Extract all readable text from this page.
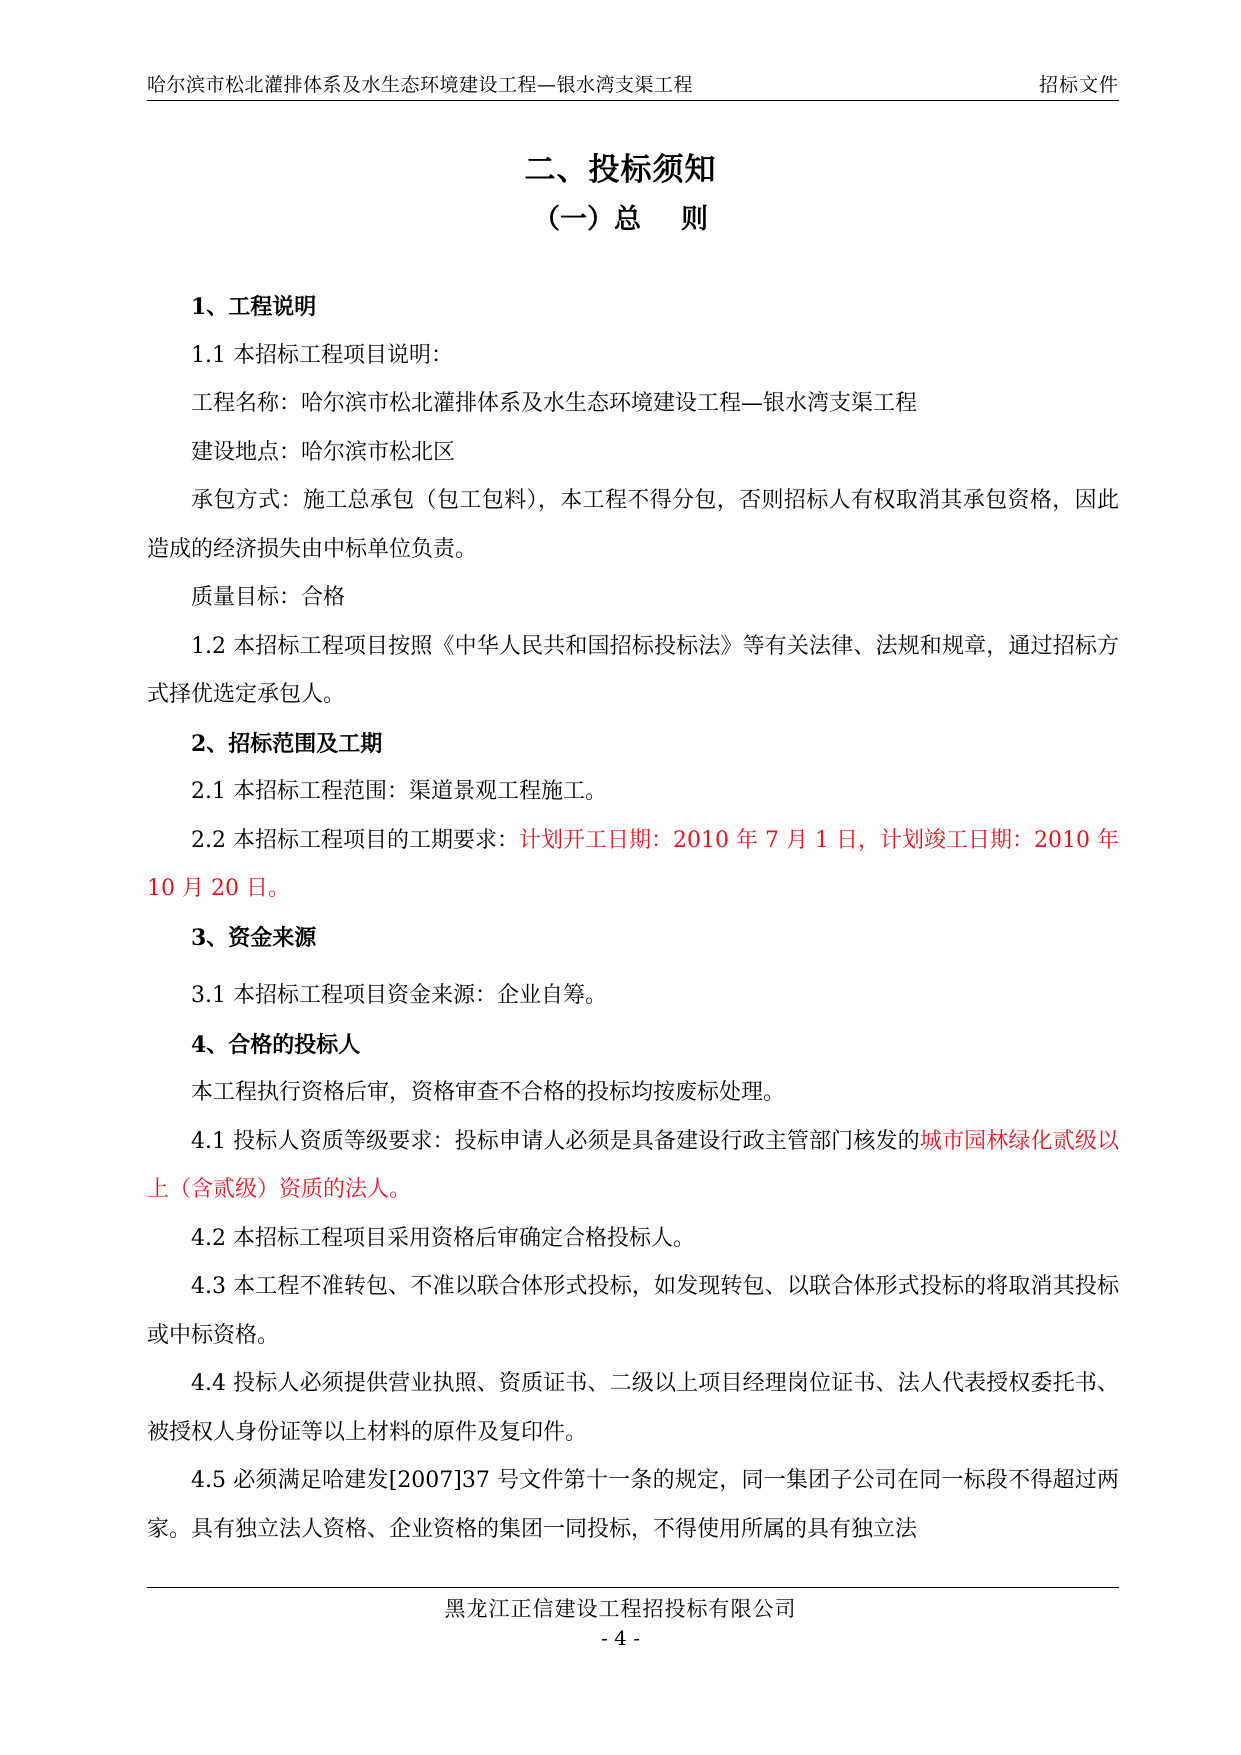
哈尔滨市松北灌排体系及水生态环境建设工程—银水湾支渠工程	招标文件
二、投标须知
（一）总 则

1、工程说明

1.1 本招标工程项目说明：

工程名称：哈尔滨市松北灌排体系及水生态环境建设工程—银水湾支渠工程

建设地点：哈尔滨市松北区

承包方式：施工总承包（包工包料），本工程不得分包，否则招标人有权取消其承包资格，因此造成的经济损失由中标单位负责。

质量目标：合格

1.2 本招标工程项目按照《中华人民共和国招标投标法》等有关法律、法规和规章，通过招标方式择优选定承包人。

2、招标范围及工期

2.1 本招标工程范围：渠道景观工程施工。

2.2 本招标工程项目的工期要求：计划开工日期：2010 年 7 月 1 日，计划竣工日期：2010 年 10 月 20 日。

3、资金来源

3.1 本招标工程项目资金来源：企业自筹。

4、合格的投标人

本工程执行资格后审，资格审查不合格的投标均按废标处理。

4.1 投标人资质等级要求：投标申请人必须是具备建设行政主管部门核发的城市园林绿化贰级以上（含贰级）资质的法人。

4.2 本招标工程项目采用资格后审确定合格投标人。

4.3 本工程不准转包、不准以联合体形式投标，如发现转包、以联合体形式投标的将取消其投标或中标资格。

4.4 投标人必须提供营业执照、资质证书、二级以上项目经理岗位证书、法人代表授权委托书、被授权人身份证等以上材料的原件及复印件。

4.5 必须满足哈建发[2007]37 号文件第十一条的规定，同一集团子公司在同一标段不得超过两家。具有独立法人资格、企业资格的集团一同投标，不得使用所属的具有独立法

黑龙江正信建设工程招投标有限公司
- 4 -
